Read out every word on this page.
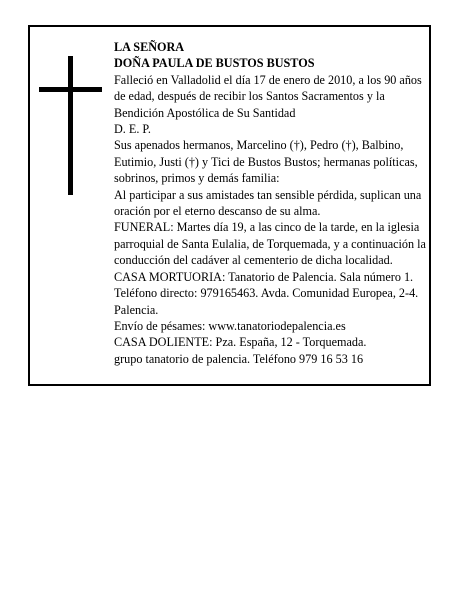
LA SEÑORA

DOÑA PAULA DE BUSTOS BUSTOS

Falleció en Valladolid el día 17 de enero de 2010, a los 90 años de edad, después de recibir los Santos Sacramentos y la Bendición Apostólica de Su Santidad

D. E. P.

Sus apenados hermanos, Marcelino (†), Pedro (†), Balbino, Eutimio, Justi (†) y Tici de Bustos Bustos; hermanas políticas, sobrinos, primos y demás familia:

Al participar a sus amistades tan sensible pérdida, suplican una oración por el eterno descanso de su alma.

FUNERAL: Martes día 19, a las cinco de la tarde, en la iglesia parroquial de Santa Eulalia, de Torquemada, y a continuación la conducción del cadáver al cementerio de dicha localidad.

CASA MORTUORIA: Tanatorio de Palencia. Sala número 1. Teléfono directo: 979165463. Avda. Comunidad Europea, 2-4. Palencia.

Envío de pésames: www.tanatoriodepalencia.es

CASA DOLIENTE: Pza. España, 12 - Torquemada.

grupo tanatorio de palencia. Teléfono 979 16 53 16
